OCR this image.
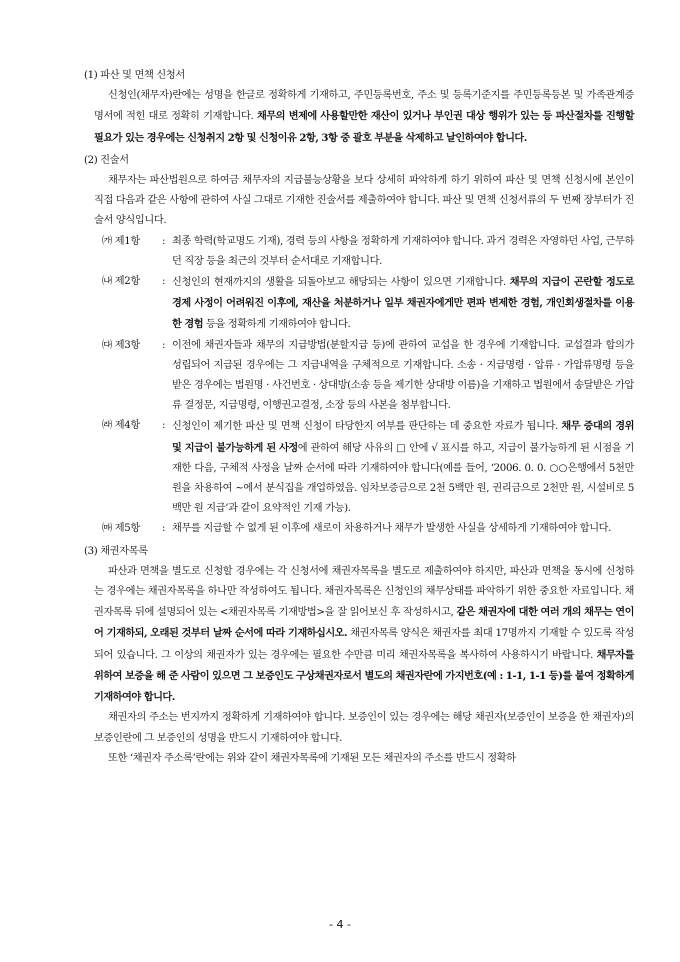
(1) 파산 및 면책 신청서
신청인(채무자)란에는 성명을 한글로 정확하게 기재하고, 주민등록번호, 주소 및 등록기준지를 주민등록등본 및 가족관계증명서에 적힌 대로 정확히 기재합니다. 채무의 변제에 사용할만한 재산이 있거나 부인권 대상 행위가 있는 등 파산절차를 진행할 필요가 있는 경우에는 신청취지 2항 및 신청이유 2항, 3항 중 괄호 부분을 삭제하고 날인하여야 합니다.
(2) 진술서
채무자는 파산법원으로 하여금 채무자의 지급불능상황을 보다 상세히 파악하게 하기 위하여 파산 및 면책 신청시에 본인이 직접 다음과 같은 사항에 관하여 사실 그대로 기재한 진술서를 제출하여야 합니다. 파산 및 면책 신청서류의 두 번째 장부터가 진술서 양식입니다.
㈎ 제1항	: 최종 학력(학교명도 기재), 경력 등의 사항을 정확하게 기재하여야 합니다. 과거 경력은 자영하던 사업, 근무하던 직장 등을 최근의 것부터 순서대로 기재합니다.
㈏ 제2항	: 신청인의 현재까지의 생활을 되돌아보고 해당되는 사항이 있으면 기재합니다. 채무의 지급이 곤란할 정도로 경제 사정이 어려워진 이후에, 재산을 처분하거나 일부 채권자에게만 편파 변제한 경험, 개인회생절차를 이용한 경험 등을 정확하게 기재하여야 합니다.
㈐ 제3항	: 이전에 채권자들과 채무의 지급방법(분할지급 등)에 관하여 교섭을 한 경우에 기재합니다. 교섭결과 합의가 성립되어 지급된 경우에는 그 지급내역을 구체적으로 기재합니다. 소송 · 지급명령 · 압류 · 가압류명령 등을 받은 경우에는 법원명 · 사건번호 · 상대방(소송 등을 제기한 상대방 이름)을 기재하고 법원에서 송달받은 가압류 결정문, 지급명령, 이행권고결정, 소장 등의 사본을 첨부합니다.
㈑ 제4항	: 신청인이 제기한 파산 및 면책 신청이 타당한지 여부를 판단하는 데 중요한 자료가 됩니다. 채무 증대의 경위 및 지급이 불가능하게 된 사정에 관하여 해당 사유의 □ 안에 √ 표시를 하고, 지급이 불가능하게 된 시점을 기재한 다음, 구체적 사정을 날짜 순서에 따라 기재하여야 합니다(예를 들어, ‘2006. 0. 0. ○○은행에서 5천만 원을 차용하여 ~에서 분식집을 개업하였음. 임차보증금으로 2천 5백만 원, 권리금으로 2천만 원, 시설비로 5백만 원 지급’과 같이 요약적인 기재 가능).
㈒ 제5항	: 채무를 지급할 수 없게 된 이후에 새로이 차용하거나 채무가 발생한 사실을 상세하게 기재하여야 합니다.
(3) 채권자목록
파산과 면책을 별도로 신청할 경우에는 각 신청서에 채권자목록을 별도로 제출하여야 하지만, 파산과 면책을 동시에 신청하는 경우에는 채권자목록을 하나만 작성하여도 됩니다. 채권자목록은 신청인의 채무상태를 파악하기 위한 중요한 자료입니다. 채권자목록 뒤에 설명되어 있는 <채권자목록 기재방법>을 잘 읽어보신 후 작성하시고, 같은 채권자에 대한 여러 개의 채무는 연이어 기재하되, 오래된 것부터 날짜 순서에 따라 기재하십시오. 채권자목록 양식은 채권자를 최대 17명까지 기재할 수 있도록 작성되어 있습니다. 그 이상의 채권자가 있는 경우에는 필요한 수만큼 미리 채권자목록을 복사하여 사용하시기 바랍니다. 채무자를 위하여 보증을 해 준 사람이 있으면 그 보증인도 구상채권자로서 별도의 채권자란에 가지번호(예 : 1-1, 1-1 등)를 붙여 정확하게 기재하여야 합니다.
채권자의 주소는 번지까지 정확하게 기재하여야 합니다. 보증인이 있는 경우에는 해당 채권자(보증인이 보증을 한 채권자)의 보증인란에 그 보증인의 성명을 반드시 기재하여야 합니다.
또한 ‘채권자 주소록’란에는 위와 같이 채권자목록에 기재된 모든 채권자의 주소를 반드시 정확하
- 4 -
